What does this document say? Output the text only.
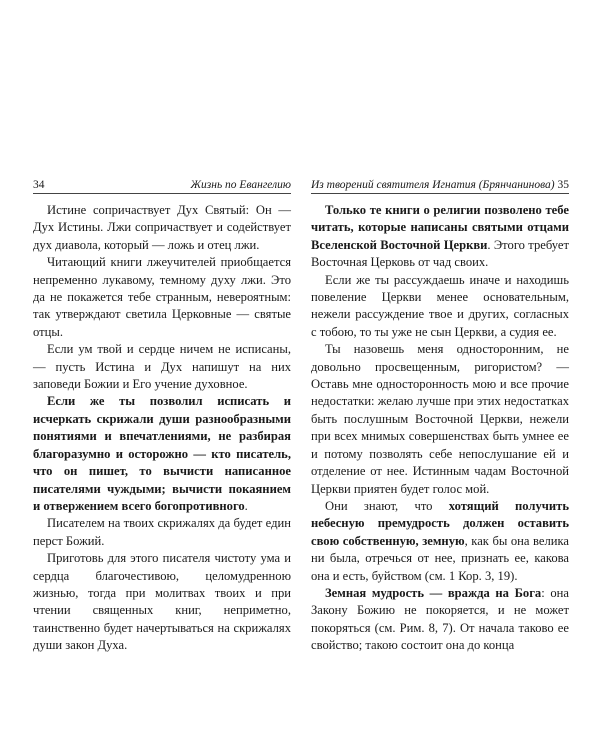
34	Жизнь по Евангелию

Истине сопричаствует Дух Святый: Он — Дух Истины. Лжи сопричаствует и содействует дух диавола, который — ложь и отец лжи.

Читающий книги лжеучителей приобщается непременно лукавому, темному духу лжи. Это да не покажется тебе странным, невероятным: так утверждают светила Церковные — святые отцы.

Если ум твой и сердце ничем не исписаны, — пусть Истина и Дух напишут на них заповеди Божии и Его учение духовное.

Если же ты позволил исписать и исчеркать скрижали души разнообразными понятиями и впечатлениями, не разбирая благоразумно и осторожно — кто писатель, что он пишет, то вычисти написанное писателями чуждыми; вычисти покаянием и отвержением всего богопротивного.

Писателем на твоих скрижалях да будет един перст Божий.

Приготовь для этого писателя чистоту ума и сердца благочестивою, целомудренною жизнью, тогда при молитвах твоих и при чтении священных книг, неприметно, таинственно будет начертываться на скрижалях души закон Духа.

Из творений святителя Игнатия (Брянчанинова) 35

Только те книги о религии позволено тебе читать, которые написаны святыми отцами Вселенской Восточной Церкви. Этого требует Восточная Церковь от чад своих.

Если же ты рассуждаешь иначе и находишь повеление Церкви менее основательным, нежели рассуждение твое и других, согласных с тобою, то ты уже не сын Церкви, а судия ее.

Ты назовешь меня односторонним, не довольно просвещенным, ригористом? — Оставь мне односторонность мою и все прочие недостатки: желаю лучше при этих недостатках быть послушным Восточной Церкви, нежели при всех мнимых совершенствах быть умнее ее и потому позволять себе непослушание ей и отделение от нее. Истинным чадам Восточной Церкви приятен будет голос мой.

Они знают, что хотящий получить небесную премудрость должен оставить свою собственную, земную, как бы она велика ни была, отречься от нее, признать ее, какова она и есть, буйством (см. 1 Кор. 3, 19).

Земная мудрость — вражда на Бога: она Закону Божию не покоряется, и не может покоряться (см. Рим. 8, 7). От начала таково ее свойство; такою состоит она до конца
